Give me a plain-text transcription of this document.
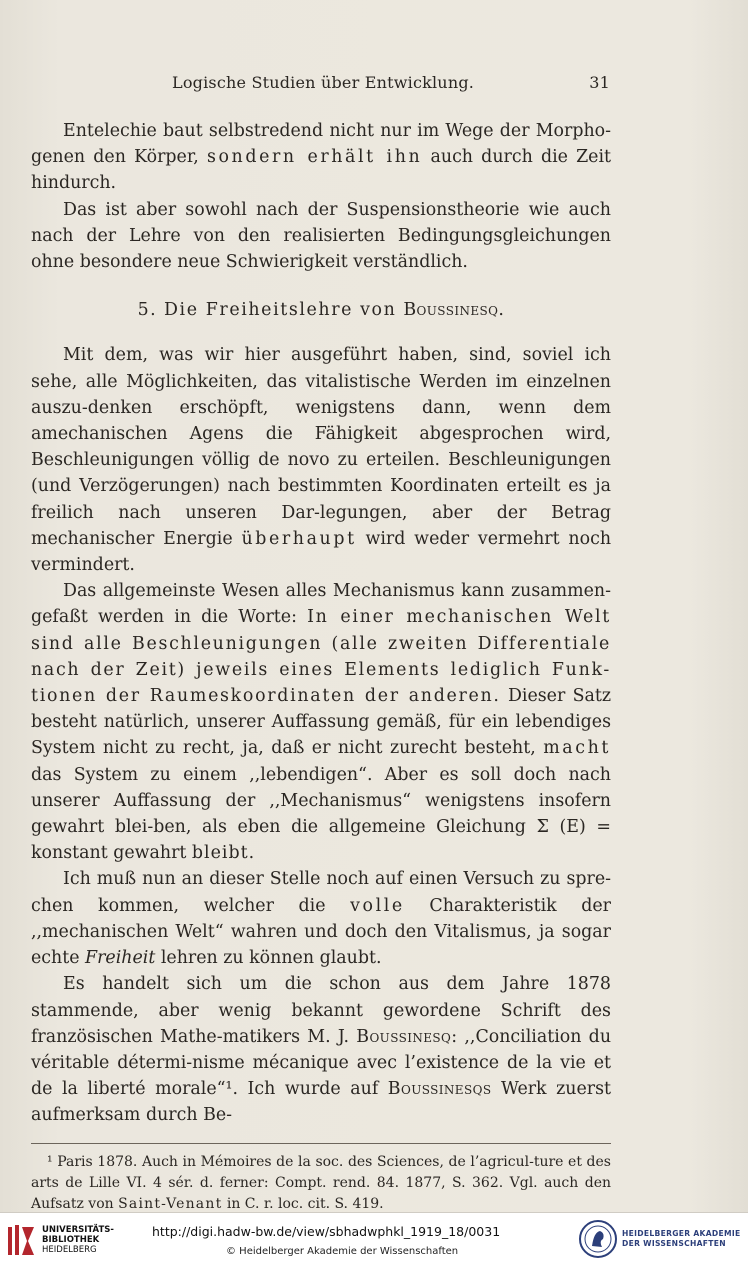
Logische Studien über Entwicklung.	31

Entelechie baut selbstredend nicht nur im Wege der Morpho-genen den Körper, sondern erhält ihn auch durch die Zeit hindurch.

Das ist aber sowohl nach der Suspensionstheorie wie auch nach der Lehre von den realisierten Bedingungsgleichungen ohne besondere neue Schwierigkeit verständlich.

5. Die Freiheitslehre von Boussinesq.

Mit dem, was wir hier ausgeführt haben, sind, soviel ich sehe, alle Möglichkeiten, das vitalistische Werden im einzelnen auszu-denken erschöpft, wenigstens dann, wenn dem amechanischen Agens die Fähigkeit abgesprochen wird, Beschleunigungen völlig de novo zu erteilen. Beschleunigungen (und Verzögerungen) nach bestimmten Koordinaten erteilt es ja freilich nach unseren Dar-legungen, aber der Betrag mechanischer Energie überhaupt wird weder vermehrt noch vermindert.

Das allgemeinste Wesen alles Mechanismus kann zusammen-gefaßt werden in die Worte: In einer mechanischen Welt sind alle Beschleunigungen (alle zweiten Differentiale nach der Zeit) jeweils eines Elements lediglich Funk-tionen der Raumeskoordinaten der anderen. Dieser Satz besteht natürlich, unserer Auffassung gemäß, für ein lebendiges System nicht zu recht, ja, daß er nicht zurecht besteht, macht das System zu einem ,,lebendigen“. Aber es soll doch nach unserer Auffassung der ,,Mechanismus“ wenigstens insofern gewahrt blei-ben, als eben die allgemeine Gleichung Σ (E) = konstant gewahrt bleibt.

Ich muß nun an dieser Stelle noch auf einen Versuch zu spre-chen kommen, welcher die volle Charakteristik der ,,mechanischen Welt“ wahren und doch den Vitalismus, ja sogar echte Freiheit lehren zu können glaubt.

Es handelt sich um die schon aus dem Jahre 1878 stammende, aber wenig bekannt gewordene Schrift des französischen Mathe-matikers M. J. Boussinesq: ,,Conciliation du véritable détermi-nisme mécanique avec l’existence de la vie et de la liberté morale“¹. Ich wurde auf Boussinesqs Werk zuerst aufmerksam durch Be-

¹ Paris 1878. Auch in Mémoires de la soc. des Sciences, de l’agricul-ture et des arts de Lille VI. 4 sér. d. ferner: Compt. rend. 84. 1877, S. 362. Vgl. auch den Aufsatz von Saint-Venant in C. r. loc. cit. S. 419.
UNIVERSITÄTS-
BIBLIOTHEK
HEIDELBERG
http://digi.hadw-bw.de/view/sbhadwphkl_1919_18/0031
© Heidelberger Akademie der Wissenschaften
HEIDELBERGER AKADEMIE
DER WISSENSCHAFTEN
